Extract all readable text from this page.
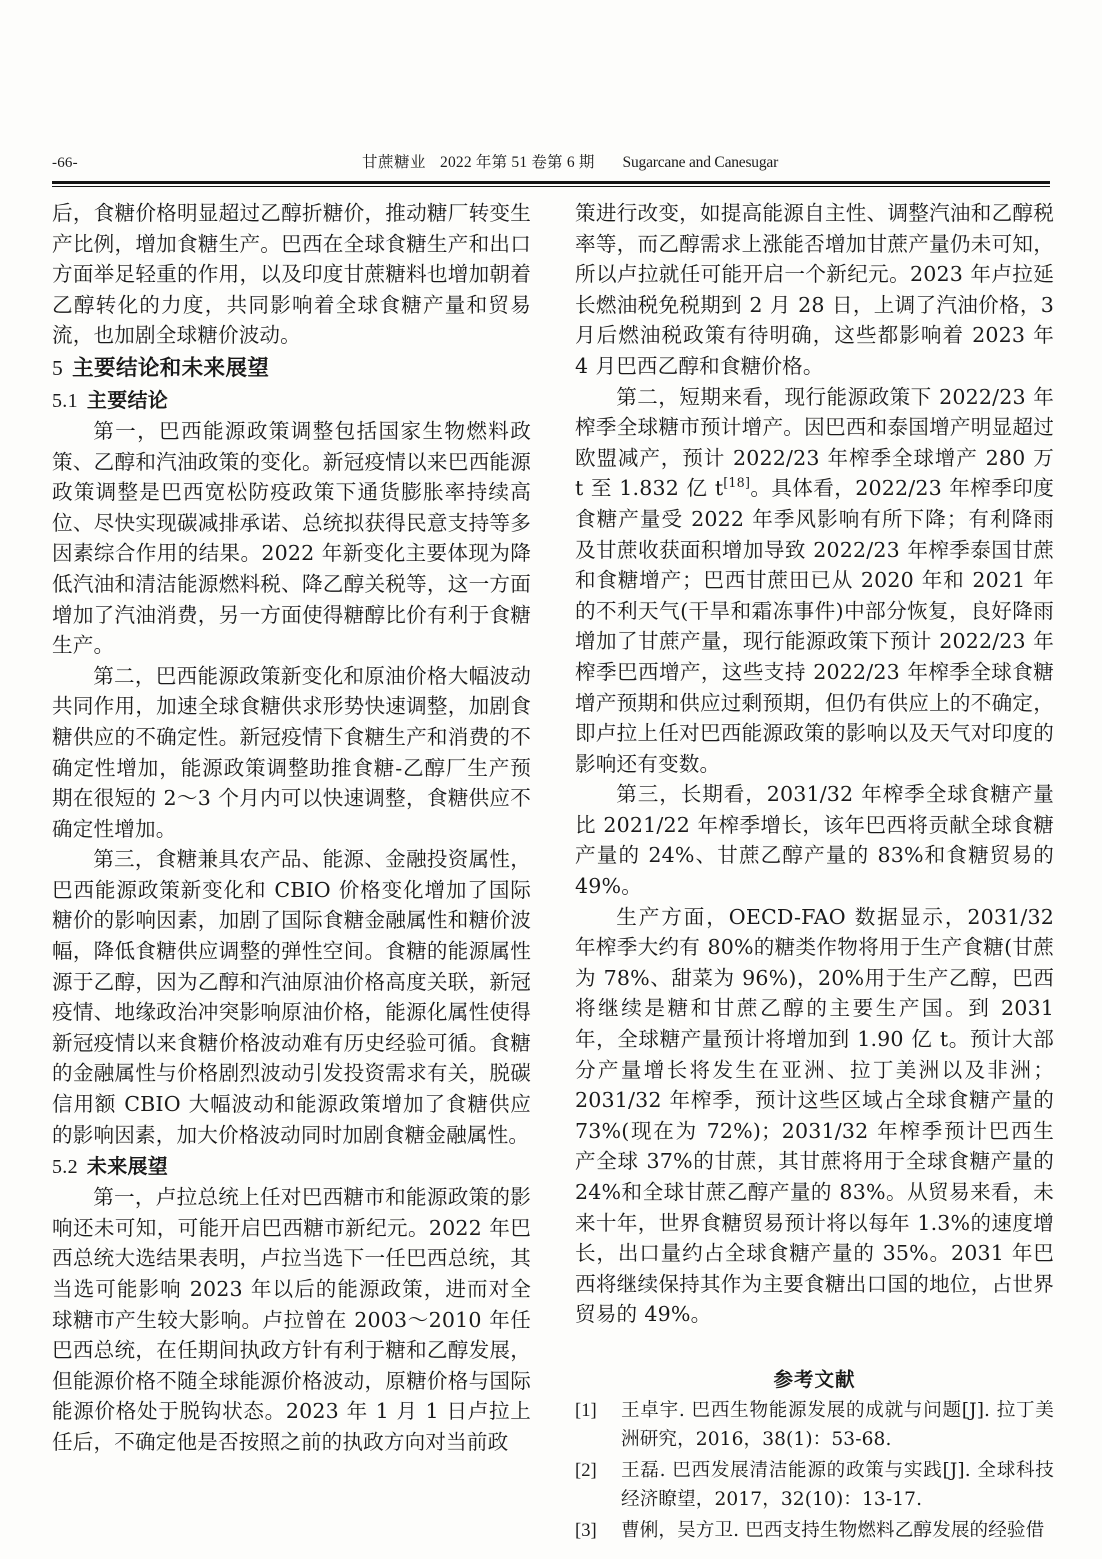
-66-	甘蔗糖业 2022 年第 51 卷第 6 期 Sugarcane and Canesugar

后，食糖价格明显超过乙醇折糖价，推动糖厂转变生产比例，增加食糖生产。巴西在全球食糖生产和出口方面举足轻重的作用，以及印度甘蔗糖料也增加朝着乙醇转化的力度，共同影响着全球食糖产量和贸易流，也加剧全球糖价波动。

5 主要结论和未来展望
5.1 主要结论

第一，巴西能源政策调整包括国家生物燃料政策、乙醇和汽油政策的变化。新冠疫情以来巴西能源政策调整是巴西宽松防疫政策下通货膨胀率持续高位、尽快实现碳减排承诺、总统拟获得民意支持等多因素综合作用的结果。2022 年新变化主要体现为降低汽油和清洁能源燃料税、降乙醇关税等，这一方面增加了汽油消费，另一方面使得糖醇比价有利于食糖生产。

第二，巴西能源政策新变化和原油价格大幅波动共同作用，加速全球食糖供求形势快速调整，加剧食糖供应的不确定性。新冠疫情下食糖生产和消费的不确定性增加，能源政策调整助推食糖-乙醇厂生产预期在很短的 2～3 个月内可以快速调整，食糖供应不确定性增加。

第三，食糖兼具农产品、能源、金融投资属性，巴西能源政策新变化和 CBIO 价格变化增加了国际糖价的影响因素，加剧了国际食糖金融属性和糖价波幅，降低食糖供应调整的弹性空间。食糖的能源属性源于乙醇，因为乙醇和汽油原油价格高度关联，新冠疫情、地缘政治冲突影响原油价格，能源化属性使得新冠疫情以来食糖价格波动难有历史经验可循。食糖的金融属性与价格剧烈波动引发投资需求有关，脱碳信用额 CBIO 大幅波动和能源政策增加了食糖供应的影响因素，加大价格波动同时加剧食糖金融属性。

5.2 未来展望

第一，卢拉总统上任对巴西糖市和能源政策的影响还未可知，可能开启巴西糖市新纪元。2022 年巴西总统大选结果表明，卢拉当选下一任巴西总统，其当选可能影响 2023 年以后的能源政策，进而对全球糖市产生较大影响。卢拉曾在 2003～2010 年任巴西总统，在任期间执政方针有利于糖和乙醇发展，但能源价格不随全球能源价格波动，原糖价格与国际能源价格处于脱钩状态。2023 年 1 月 1 日卢拉上任后，不确定他是否按照之前的执政方向对当前政

策进行改变，如提高能源自主性、调整汽油和乙醇税率等，而乙醇需求上涨能否增加甘蔗产量仍未可知，所以卢拉就任可能开启一个新纪元。2023 年卢拉延长燃油税免税期到 2 月 28 日，上调了汽油价格，3 月后燃油税政策有待明确，这些都影响着 2023 年 4 月巴西乙醇和食糖价格。

第二，短期来看，现行能源政策下 2022/23 年榨季全球糖市预计增产。因巴西和泰国增产明显超过欧盟减产，预计 2022/23 年榨季全球增产 280 万 t 至 1.832 亿 t[18]。具体看，2022/23 年榨季印度食糖产量受 2022 年季风影响有所下降；有利降雨及甘蔗收获面积增加导致 2022/23 年榨季泰国甘蔗和食糖增产；巴西甘蔗田已从 2020 年和 2021 年的不利天气(干旱和霜冻事件)中部分恢复，良好降雨增加了甘蔗产量，现行能源政策下预计 2022/23 年榨季巴西增产，这些支持 2022/23 年榨季全球食糖增产预期和供应过剩预期，但仍有供应上的不确定，即卢拉上任对巴西能源政策的影响以及天气对印度的影响还有变数。

第三，长期看，2031/32 年榨季全球食糖产量比 2021/22 年榨季增长，该年巴西将贡献全球食糖产量的 24%、甘蔗乙醇产量的 83%和食糖贸易的 49%。

生产方面，OECD-FAO 数据显示，2031/32 年榨季大约有 80%的糖类作物将用于生产食糖(甘蔗为 78%、甜菜为 96%)，20%用于生产乙醇，巴西将继续是糖和甘蔗乙醇的主要生产国。到 2031 年，全球糖产量预计将增加到 1.90 亿 t。预计大部分产量增长将发生在亚洲、拉丁美洲以及非洲；2031/32 年榨季，预计这些区域占全球食糖产量的 73%(现在为 72%)；2031/32 年榨季预计巴西生产全球 37%的甘蔗，其甘蔗将用于全球食糖产量的 24%和全球甘蔗乙醇产量的 83%。从贸易来看，未来十年，世界食糖贸易预计将以每年 1.3%的速度增长，出口量约占全球食糖产量的 35%。2031 年巴西将继续保持其作为主要食糖出口国的地位，占世界贸易的 49%。

参考文献
[1]	王卓宇. 巴西生物能源发展的成就与问题[J]. 拉丁美洲研究，2016，38(1)：53-68.
[2]	王磊. 巴西发展清洁能源的政策与实践[J]. 全球科技经济瞭望，2017，32(10)：13-17.
[3]	曹俐，吴方卫. 巴西支持生物燃料乙醇发展的经验借
